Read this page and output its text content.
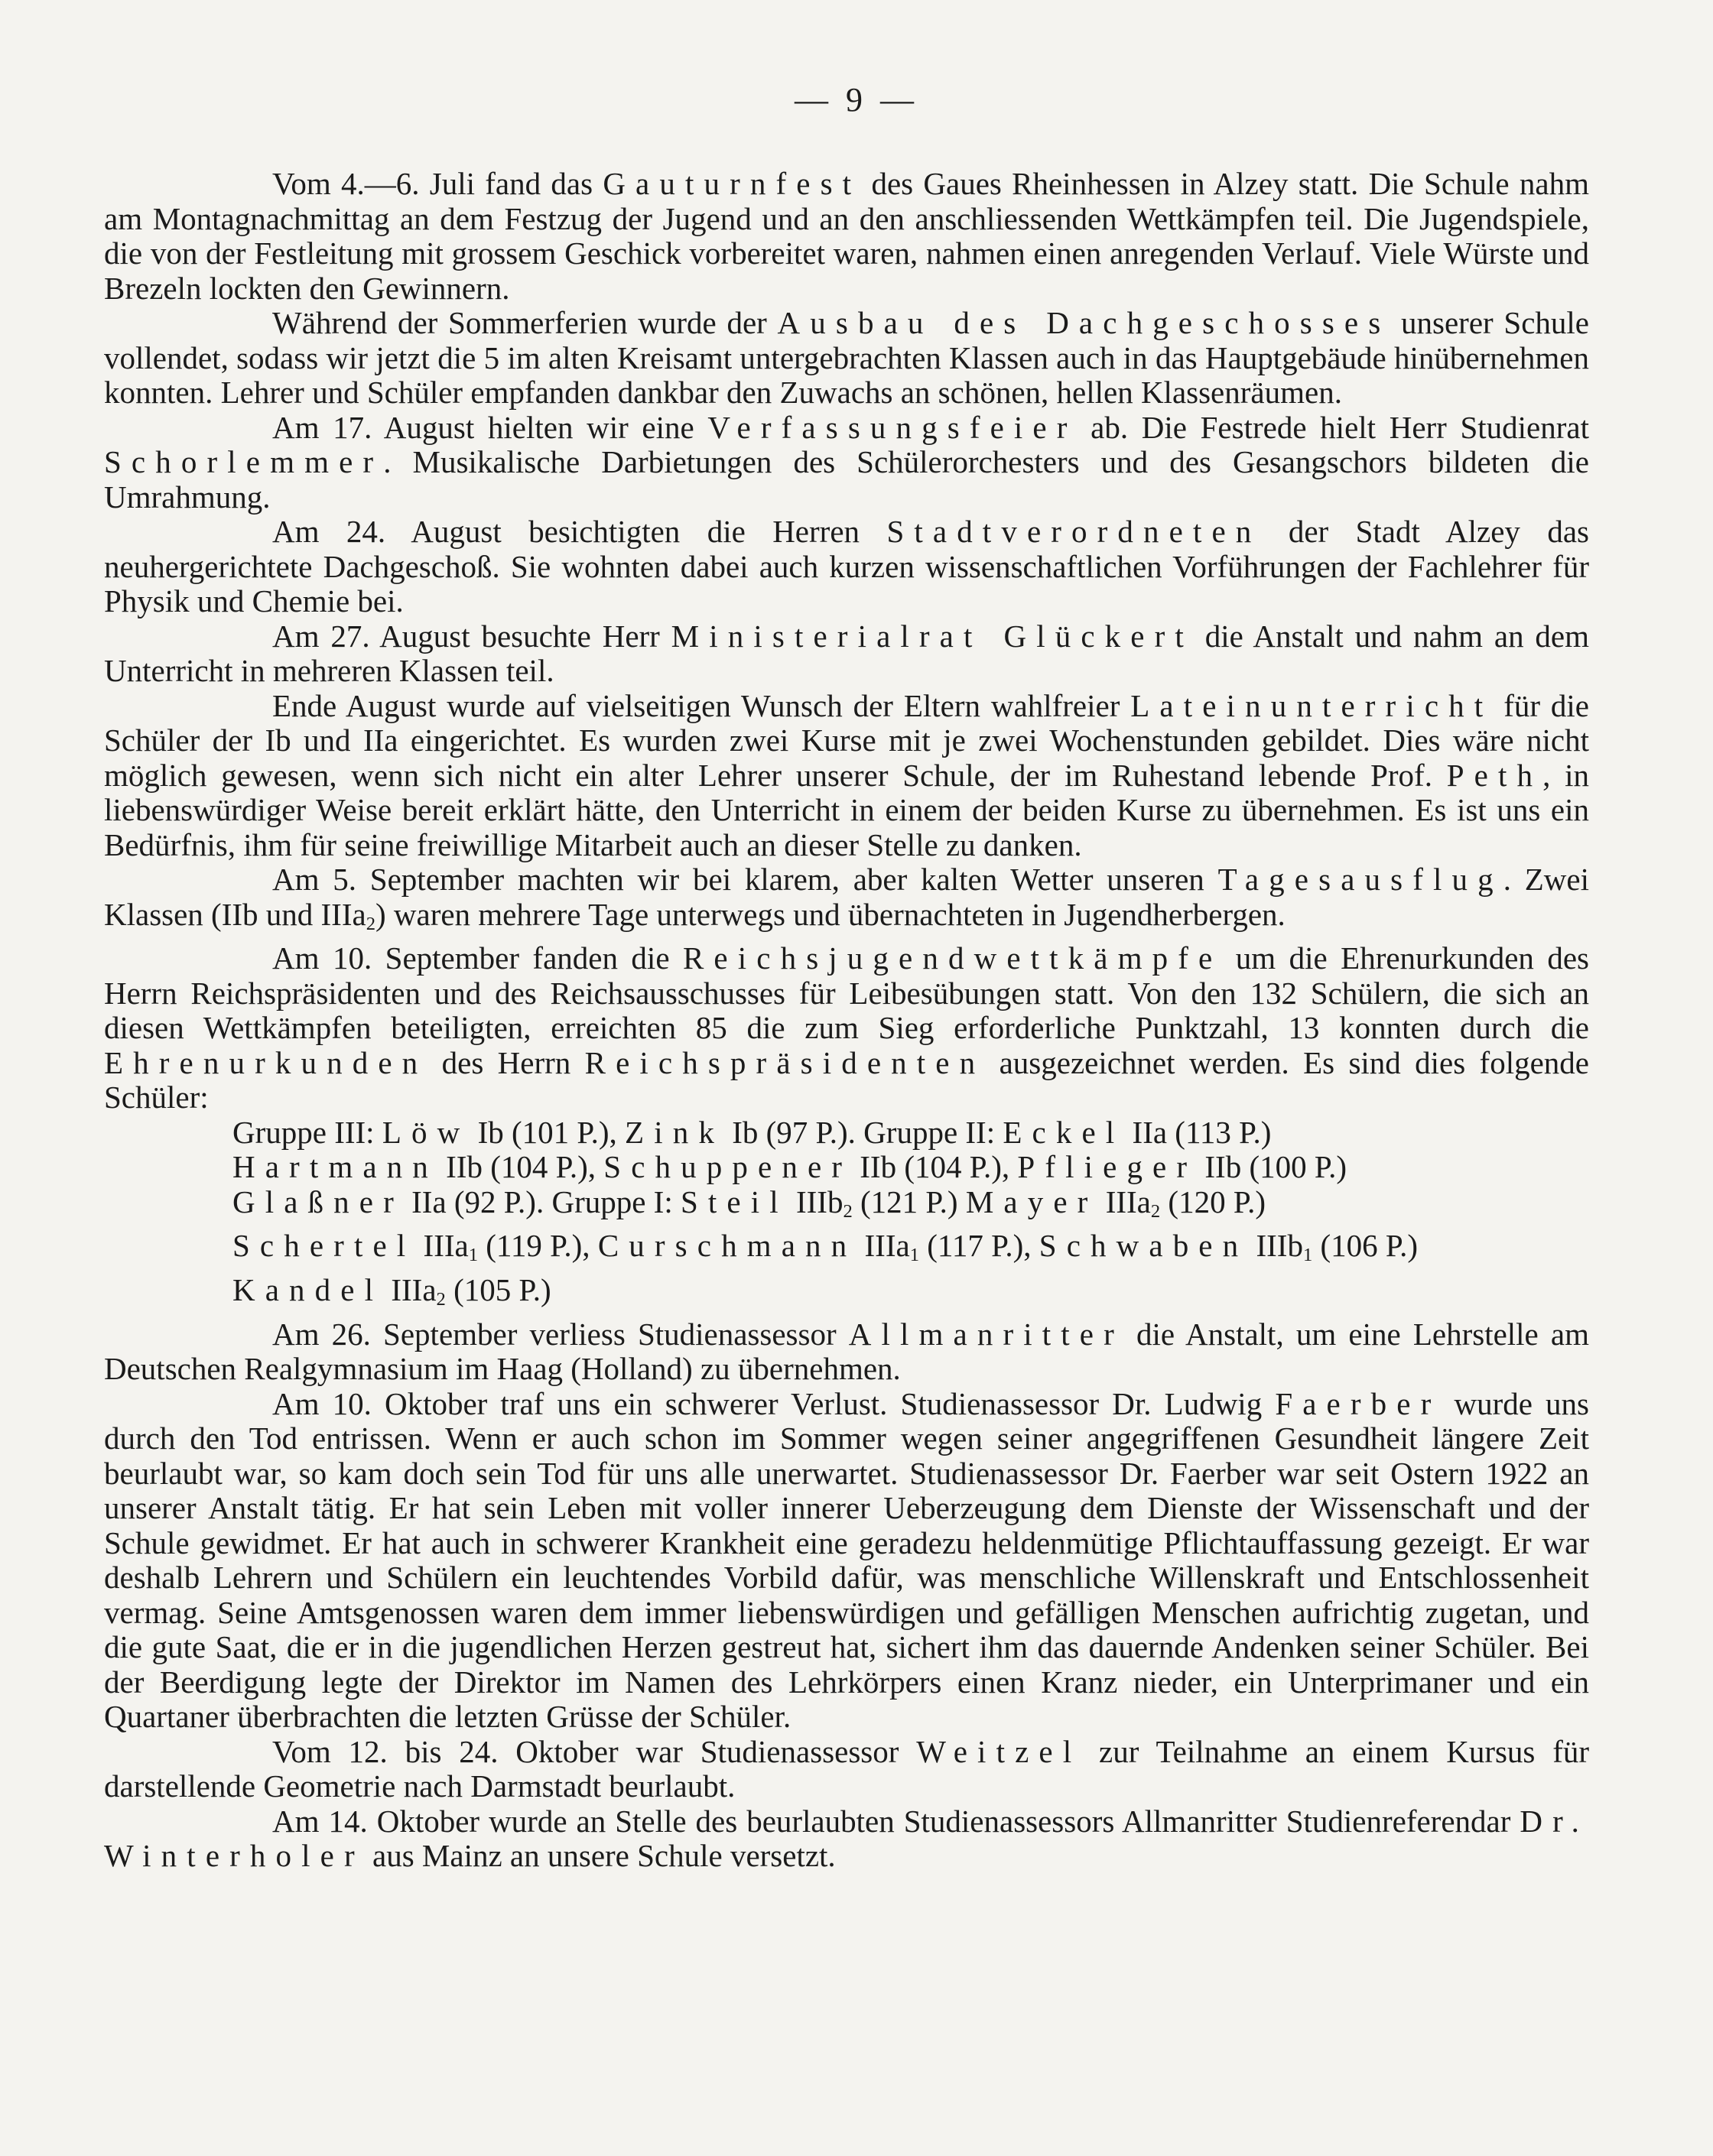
— 9 —

Vom 4.—6. Juli fand das Gauturnfest des Gaues Rheinhessen in Alzey statt. Die Schule nahm am Montagnachmittag an dem Festzug der Jugend und an den anschliessenden Wettkämpfen teil. Die Jugendspiele, die von der Festleitung mit grossem Geschick vorbereitet waren, nahmen einen anregenden Verlauf. Viele Würste und Brezeln lockten den Gewinnern.

Während der Sommerferien wurde der Ausbau des Dachgeschosses unserer Schule vollendet, sodass wir jetzt die 5 im alten Kreisamt untergebrachten Klassen auch in das Hauptgebäude hinübernehmen konnten. Lehrer und Schüler empfanden dankbar den Zuwachs an schönen, hellen Klassenräumen.

Am 17. August hielten wir eine Verfassungsfeier ab. Die Festrede hielt Herr Studienrat Schorlemmer. Musikalische Darbietungen des Schülerorchesters und des Gesangschors bildeten die Umrahmung.

Am 24. August besichtigten die Herren Stadtverordneten der Stadt Alzey das neuhergerichtete Dachgeschoß. Sie wohnten dabei auch kurzen wissenschaftlichen Vorführungen der Fachlehrer für Physik und Chemie bei.

Am 27. August besuchte Herr Ministerialrat Glückert die Anstalt und nahm an dem Unterricht in mehreren Klassen teil.

Ende August wurde auf vielseitigen Wunsch der Eltern wahlfreier Lateinunterricht für die Schüler der Ib und IIa eingerichtet. Es wurden zwei Kurse mit je zwei Wochenstunden gebildet. Dies wäre nicht möglich gewesen, wenn sich nicht ein alter Lehrer unserer Schule, der im Ruhestand lebende Prof. Peth, in liebenswürdiger Weise bereit erklärt hätte, den Unterricht in einem der beiden Kurse zu übernehmen. Es ist uns ein Bedürfnis, ihm für seine freiwillige Mitarbeit auch an dieser Stelle zu danken.

Am 5. September machten wir bei klarem, aber kalten Wetter unseren Tagesausflug. Zwei Klassen (IIb und IIIa$_2$) waren mehrere Tage unterwegs und übernachteten in Jugendherbergen.

Am 10. September fanden die Reichsjugendwettkämpfe um die Ehrenurkunden des Herrn Reichspräsidenten und des Reichsausschusses für Leibesübungen statt. Von den 132 Schülern, die sich an diesen Wettkämpfen beteiligten, erreichten 85 die zum Sieg erforderliche Punktzahl, 13 konnten durch die Ehrenurkunden des Herrn Reichspräsidenten ausgezeichnet werden. Es sind dies folgende Schüler:

Gruppe III: Löw Ib (101 P.), Zink Ib (97 P.). Gruppe II: Eckel IIa (113 P.)

Hartmann IIb (104 P.), Schuppener IIb (104 P.), Pflieger IIb (100 P.)

Glaßner IIa (92 P.). Gruppe I: Steil IIIb$_2$ (121 P.) Mayer IIIa$_2$ (120 P.)

Schertel IIIa$_1$ (119 P.), Curschmann IIIa$_1$ (117 P.), Schwaben IIIb$_1$ (106 P.)

Kandel IIIa$_2$ (105 P.)

Am 26. September verliess Studienassessor Allmanritter die Anstalt, um eine Lehrstelle am Deutschen Realgymnasium im Haag (Holland) zu übernehmen.

Am 10. Oktober traf uns ein schwerer Verlust. Studienassessor Dr. Ludwig Faerber wurde uns durch den Tod entrissen. Wenn er auch schon im Sommer wegen seiner angegriffenen Gesundheit längere Zeit beurlaubt war, so kam doch sein Tod für uns alle unerwartet. Studienassessor Dr. Faerber war seit Ostern 1922 an unserer Anstalt tätig. Er hat sein Leben mit voller innerer Ueberzeugung dem Dienste der Wissenschaft und der Schule gewidmet. Er hat auch in schwerer Krankheit eine geradezu heldenmütige Pflichtauffassung gezeigt. Er war deshalb Lehrern und Schülern ein leuchtendes Vorbild dafür, was menschliche Willenskraft und Entschlossenheit vermag. Seine Amtsgenossen waren dem immer liebenswürdigen und gefälligen Menschen aufrichtig zugetan, und die gute Saat, die er in die jugendlichen Herzen gestreut hat, sichert ihm das dauernde Andenken seiner Schüler. Bei der Beerdigung legte der Direktor im Namen des Lehrkörpers einen Kranz nieder, ein Unterprimaner und ein Quartaner überbrachten die letzten Grüsse der Schüler.

Vom 12. bis 24. Oktober war Studienassessor Weitzel zur Teilnahme an einem Kursus für darstellende Geometrie nach Darmstadt beurlaubt.

Am 14. Oktober wurde an Stelle des beurlaubten Studienassessors Allmanritter Studienreferendar Dr. Winterholer aus Mainz an unsere Schule versetzt.
